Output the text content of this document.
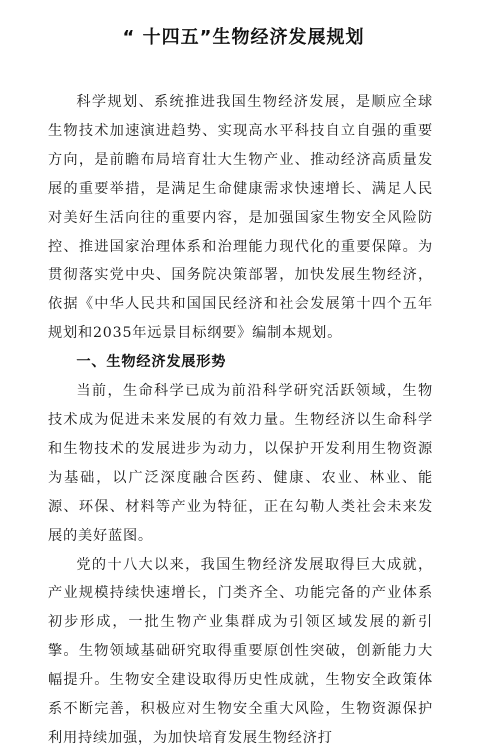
“ 十四五”生物经济发展规划

科学规划、系统推进我国生物经济发展，是顺应全球生物技术加速演进趋势、实现高水平科技自立自强的重要方向，是前瞻布局培育壮大生物产业、推动经济高质量发展的重要举措，是满足生命健康需求快速增长、满足人民对美好生活向往的重要内容，是加强国家生物安全风险防控、推进国家治理体系和治理能力现代化的重要保障。为贯彻落实党中央、国务院决策部署，加快发展生物经济，依据《中华人民共和国国民经济和社会发展第十四个五年规划和2035年远景目标纲要》编制本规划。

一、生物经济发展形势

当前，生命科学已成为前沿科学研究活跃领域，生物技术成为促进未来发展的有效力量。生物经济以生命科学和生物技术的发展进步为动力，以保护开发利用生物资源为基础，以广泛深度融合医药、健康、农业、林业、能源、环保、材料等产业为特征，正在勾勒人类社会未来发展的美好蓝图。

党的十八大以来，我国生物经济发展取得巨大成就，产业规模持续快速增长，门类齐全、功能完备的产业体系初步形成，一批生物产业集群成为引领区域发展的新引擎。生物领域基础研究取得重要原创性突破，创新能力大幅提升。生物安全建设取得历史性成就，生物安全政策体系不断完善，积极应对生物安全重大风险，生物资源保护利用持续加强，为加快培育发展生物经济打
